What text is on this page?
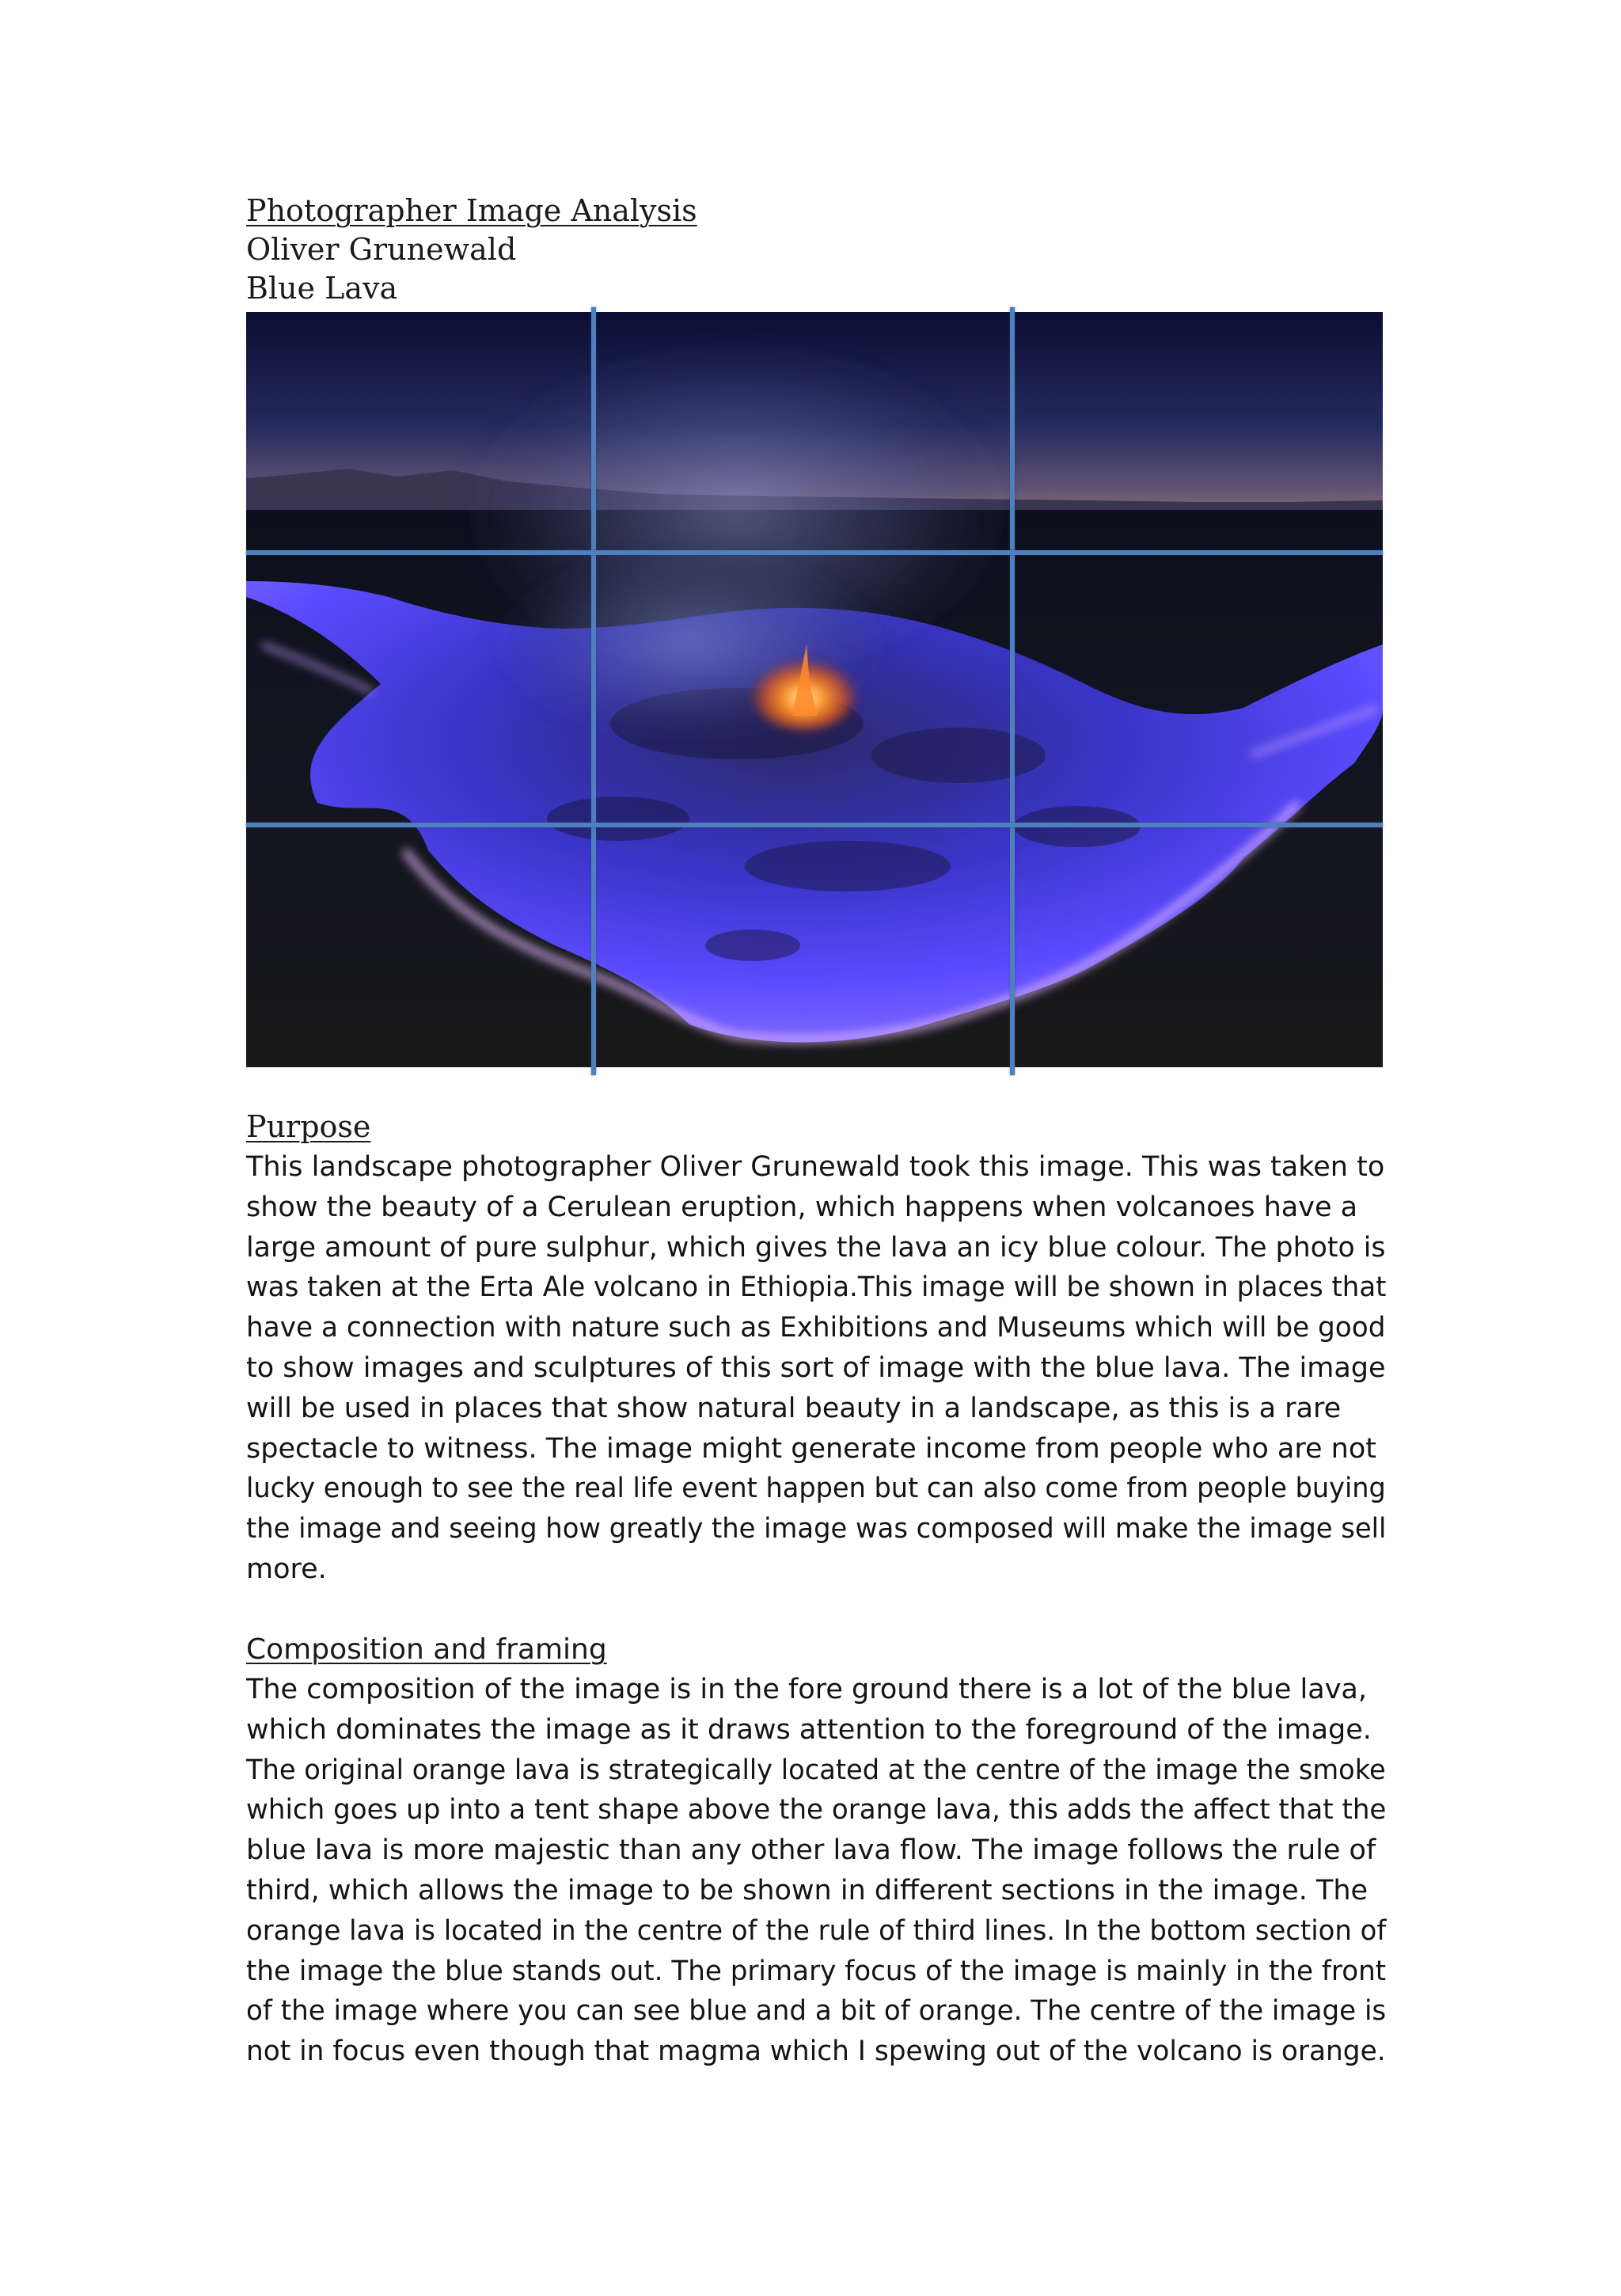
Photographer Image Analysis
Oliver Grunewald
Blue Lava
Purpose
This landscape photographer Oliver Grunewald took this image. This was taken to
show the beauty of a Cerulean eruption, which happens when volcanoes have a
large amount of pure sulphur, which gives the lava an icy blue colour. The photo is
was taken at the Erta Ale volcano in Ethiopia.This image will be shown in places that
have a connection with nature such as Exhibitions and Museums which will be good
to show images and sculptures of this sort of image with the blue lava. The image
will be used in places that show natural beauty in a landscape, as this is a rare
spectacle to witness. The image might generate income from people who are not
lucky enough to see the real life event happen but can also come from people buying
the image and seeing how greatly the image was composed will make the image sell
more.
Composition and framing
The composition of the image is in the fore ground there is a lot of the blue lava,
which dominates the image as it draws attention to the foreground of the image.
The original orange lava is strategically located at the centre of the image the smoke
which goes up into a tent shape above the orange lava, this adds the affect that the
blue lava is more majestic than any other lava flow. The image follows the rule of
third, which allows the image to be shown in different sections in the image. The
orange lava is located in the centre of the rule of third lines. In the bottom section of
the image the blue stands out. The primary focus of the image is mainly in the front
of the image where you can see blue and a bit of orange. The centre of the image is
not in focus even though that magma which I spewing out of the volcano is orange.
